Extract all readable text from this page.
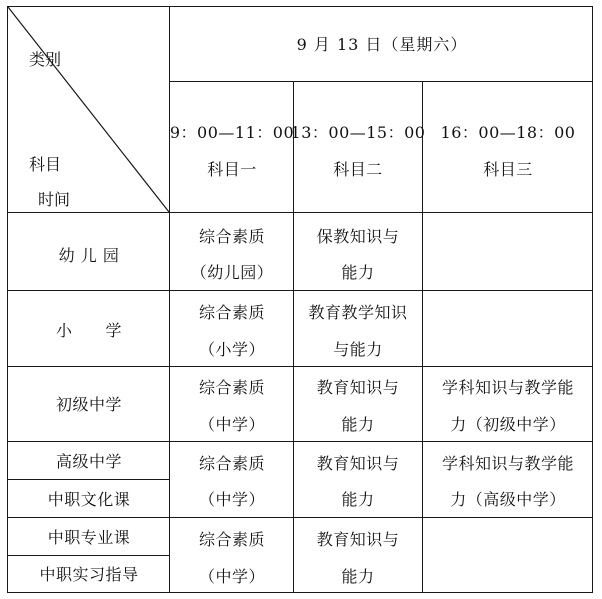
类别
科目
时间
9 月 13 日（星期六）
9：00—11：00
科目一
13：00—15：00
科目二
16：00—18：00
科目三
幼 儿 园
综合素质
（幼儿园）
保教知识与
能力
小　　学
综合素质
（小学）
教育教学知识
与能力
初级中学
综合素质
（中学）
教育知识与
能力
学科知识与教学能
力（初级中学）
高级中学
中职文化课
综合素质
（中学）
教育知识与
能力
学科知识与教学能
力（高级中学）
中职专业课
中职实习指导
综合素质
（中学）
教育知识与
能力
